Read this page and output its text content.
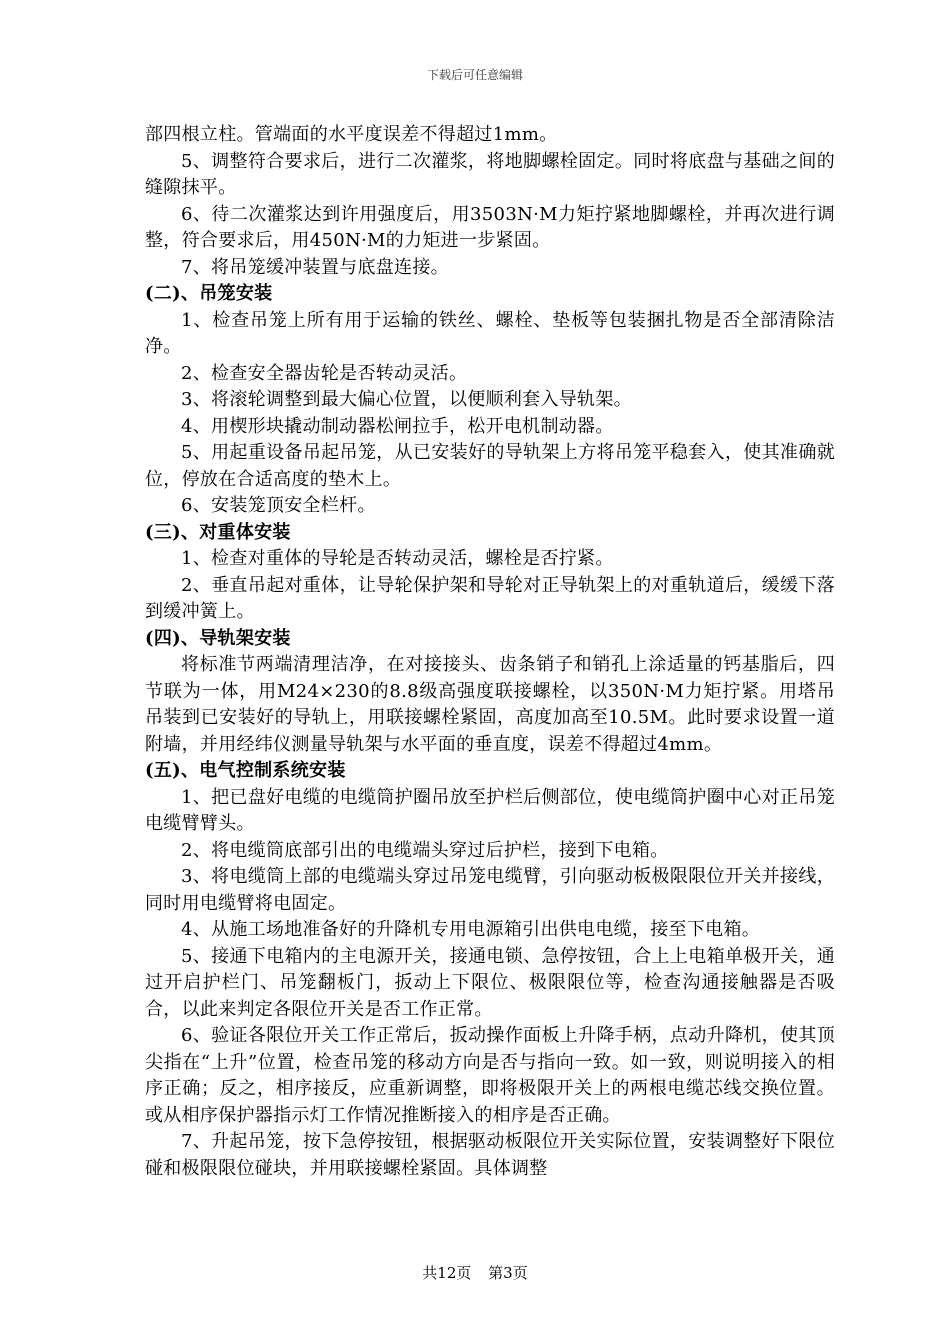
下载后可任意编辑

部四根立柱。管端面的水平度误差不得超过1mm。

5、调整符合要求后，进行二次灌浆，将地脚螺栓固定。同时将底盘与基础之间的缝隙抹平。

6、待二次灌浆达到许用强度后，用3503N·M力矩拧紧地脚螺栓，并再次进行调整，符合要求后，用450N·M的力矩进一步紧固。

7、将吊笼缓冲装置与底盘连接。

(二)、吊笼安装

1、检查吊笼上所有用于运输的铁丝、螺栓、垫板等包装捆扎物是否全部清除洁净。

2、检查安全器齿轮是否转动灵活。

3、将滚轮调整到最大偏心位置，以便顺利套入导轨架。

4、用楔形块撬动制动器松闸拉手，松开电机制动器。

5、用起重设备吊起吊笼，从已安装好的导轨架上方将吊笼平稳套入，使其准确就位，停放在合适高度的垫木上。

6、安装笼顶安全栏杆。

(三)、对重体安装

1、检查对重体的导轮是否转动灵活，螺栓是否拧紧。

2、垂直吊起对重体，让导轮保护架和导轮对正导轨架上的对重轨道后，缓缓下落到缓冲簧上。

(四)、导轨架安装

将标准节两端清理洁净，在对接接头、齿条销子和销孔上涂适量的钙基脂后，四节联为一体，用M24×230的8.8级高强度联接螺栓，以350N·M力矩拧紧。用塔吊吊装到已安装好的导轨上，用联接螺栓紧固，高度加高至10.5M。此时要求设置一道附墙，并用经纬仪测量导轨架与水平面的垂直度，误差不得超过4mm。

(五)、电气控制系统安装

1、把已盘好电缆的电缆筒护圈吊放至护栏后侧部位，使电缆筒护圈中心对正吊笼电缆臂臂头。

2、将电缆筒底部引出的电缆端头穿过后护栏，接到下电箱。

3、将电缆筒上部的电缆端头穿过吊笼电缆臂，引向驱动板极限限位开关并接线，同时用电缆臂将电固定。

4、从施工场地准备好的升降机专用电源箱引出供电电缆，接至下电箱。

5、接通下电箱内的主电源开关，接通电锁、急停按钮，合上上电箱单极开关，通过开启护栏门、吊笼翻板门，扳动上下限位、极限限位等，检查沟通接触器是否吸合，以此来判定各限位开关是否工作正常。

6、验证各限位开关工作正常后，扳动操作面板上升降手柄，点动升降机，使其顶尖指在“上升”位置，检查吊笼的移动方向是否与指向一致。如一致，则说明接入的相序正确；反之，相序接反，应重新调整，即将极限开关上的两根电缆芯线交换位置。或从相序保护器指示灯工作情况推断接入的相序是否正确。

7、升起吊笼，按下急停按钮，根据驱动板限位开关实际位置，安装调整好下限位碰和极限限位碰块，并用联接螺栓紧固。具体调整

共12页 第3页
